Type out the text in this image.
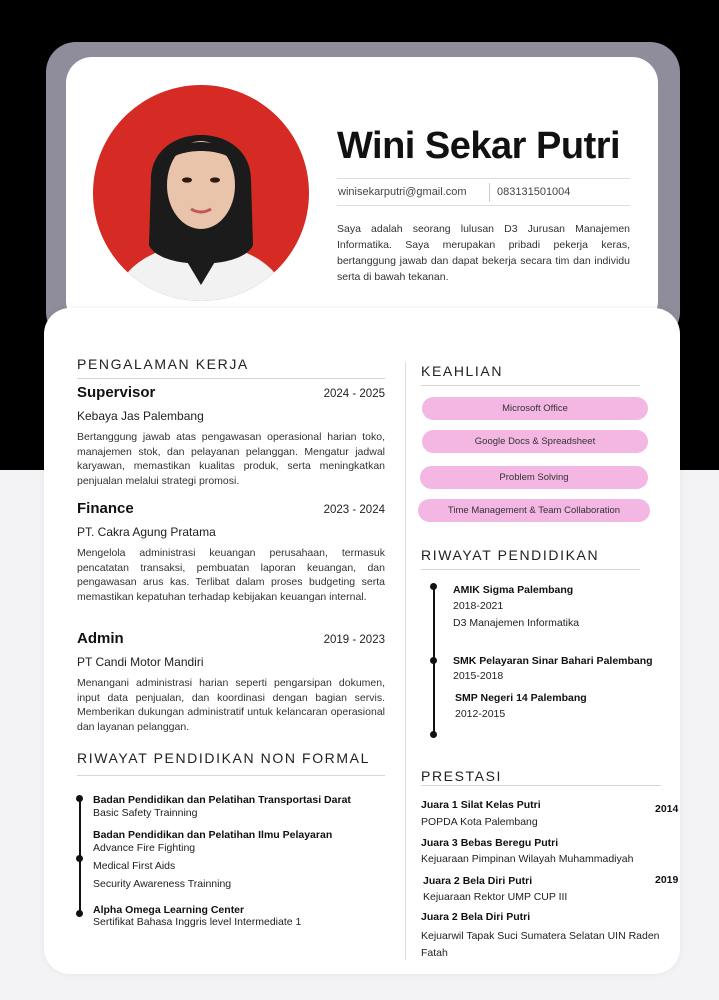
Wini Sekar Putri
winisekarputri@gmail.com	083131501004
Saya adalah seorang lulusan D3 Jurusan Manajemen Informatika. Saya merupakan pribadi pekerja keras, bertanggung jawab dan dapat bekerja secara tim dan individu serta di bawah tekanan.
PENGALAMAN KERJA
Supervisor	2024 - 2025
Kebaya Jas Palembang
Bertanggung jawab atas pengawasan operasional harian toko, manajemen stok, dan pelayanan pelanggan. Mengatur jadwal karyawan, memastikan kualitas produk, serta meningkatkan penjualan melalui strategi promosi.
Finance	2023 - 2024
PT. Cakra Agung Pratama
Mengelola administrasi keuangan perusahaan, termasuk pencatatan transaksi, pembuatan laporan keuangan, dan pengawasan arus kas. Terlibat dalam proses budgeting serta memastikan kepatuhan terhadap kebijakan keuangan internal.
Admin	2019 - 2023
PT Candi Motor Mandiri
Menangani administrasi harian seperti pengarsipan dokumen, input data penjualan, dan koordinasi dengan bagian servis. Memberikan dukungan administratif untuk kelancaran operasional dan layanan pelanggan.
RIWAYAT PENDIDIKAN NON FORMAL
Badan Pendidikan dan Pelatihan Transportasi Darat
Basic Safety Trainning
Badan Pendidikan dan Pelatihan Ilmu Pelayaran
Advance Fire Fighting
Medical First Aids
Security Awareness Trainning
Alpha Omega Learning Center
Sertifikat Bahasa Inggris level Intermediate 1
KEAHLIAN
Microsoft Office
Google Docs & Spreadsheet
Problem Solving
Time Management & Team Collaboration
RIWAYAT PENDIDIKAN
AMIK Sigma Palembang
2018-2021
D3 Manajemen Informatika
SMK Pelayaran Sinar Bahari Palembang
2015-2018
SMP Negeri 14 Palembang
2012-2015
PRESTASI
Juara 1 Silat Kelas Putri	2014
POPDA Kota Palembang
Juara 3 Bebas Beregu Putri
Kejuaraan Pimpinan Wilayah Muhammadiyah
Juara 2 Bela Diri Putri	2019
Kejuaraan Rektor UMP CUP III
Juara 2 Bela Diri Putri
Kejuarwil Tapak Suci Sumatera Selatan UIN Raden Fatah
